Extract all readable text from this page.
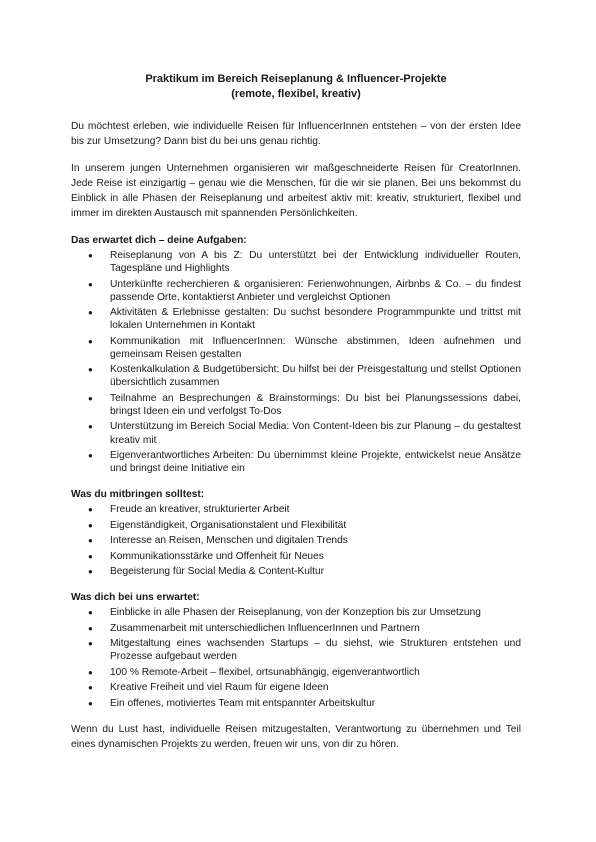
Praktikum im Bereich Reiseplanung & Influencer-Projekte

(remote, flexibel, kreativ)

Du möchtest erleben, wie individuelle Reisen für InfluencerInnen entstehen – von der ersten Idee bis zur Umsetzung? Dann bist du bei uns genau richtig.

In unserem jungen Unternehmen organisieren wir maßgeschneiderte Reisen für CreatorInnen. Jede Reise ist einzigartig – genau wie die Menschen, für die wir sie planen. Bei uns bekommst du Einblick in alle Phasen der Reiseplanung und arbeitest aktiv mit: kreativ, strukturiert, flexibel und immer im direkten Austausch mit spannenden Persönlichkeiten.

Das erwartet dich – deine Aufgaben:

● Reiseplanung von A bis Z: Du unterstützt bei der Entwicklung individueller Routen, Tagespläne und Highlights
● Unterkünfte recherchieren & organisieren: Ferienwohnungen, Airbnbs & Co. – du findest passende Orte, kontaktierst Anbieter und vergleichst Optionen
● Aktivitäten & Erlebnisse gestalten: Du suchst besondere Programmpunkte und trittst mit lokalen Unternehmen in Kontakt
● Kommunikation mit InfluencerInnen: Wünsche abstimmen, Ideen aufnehmen und gemeinsam Reisen gestalten
● Kostenkalkulation & Budgetübersicht: Du hilfst bei der Preisgestaltung und stellst Optionen übersichtlich zusammen
● Teilnahme an Besprechungen & Brainstormings: Du bist bei Planungssessions dabei, bringst Ideen ein und verfolgst To-Dos
● Unterstützung im Bereich Social Media: Von Content-Ideen bis zur Planung – du gestaltest kreativ mit
● Eigenverantwortliches Arbeiten: Du übernimmst kleine Projekte, entwickelst neue Ansätze und bringst deine Initiative ein

Was du mitbringen solltest:

● Freude an kreativer, strukturierter Arbeit
● Eigenständigkeit, Organisationstalent und Flexibilität
● Interesse an Reisen, Menschen und digitalen Trends
● Kommunikationsstärke und Offenheit für Neues
● Begeisterung für Social Media & Content-Kultur

Was dich bei uns erwartet:

● Einblicke in alle Phasen der Reiseplanung, von der Konzeption bis zur Umsetzung
● Zusammenarbeit mit unterschiedlichen InfluencerInnen und Partnern
● Mitgestaltung eines wachsenden Startups – du siehst, wie Strukturen entstehen und Prozesse aufgebaut werden
● 100 % Remote-Arbeit – flexibel, ortsunabhängig, eigenverantwortlich
● Kreative Freiheit und viel Raum für eigene Ideen
● Ein offenes, motiviertes Team mit entspannter Arbeitskultur

Wenn du Lust hast, individuelle Reisen mitzugestalten, Verantwortung zu übernehmen und Teil eines dynamischen Projekts zu werden, freuen wir uns, von dir zu hören.
